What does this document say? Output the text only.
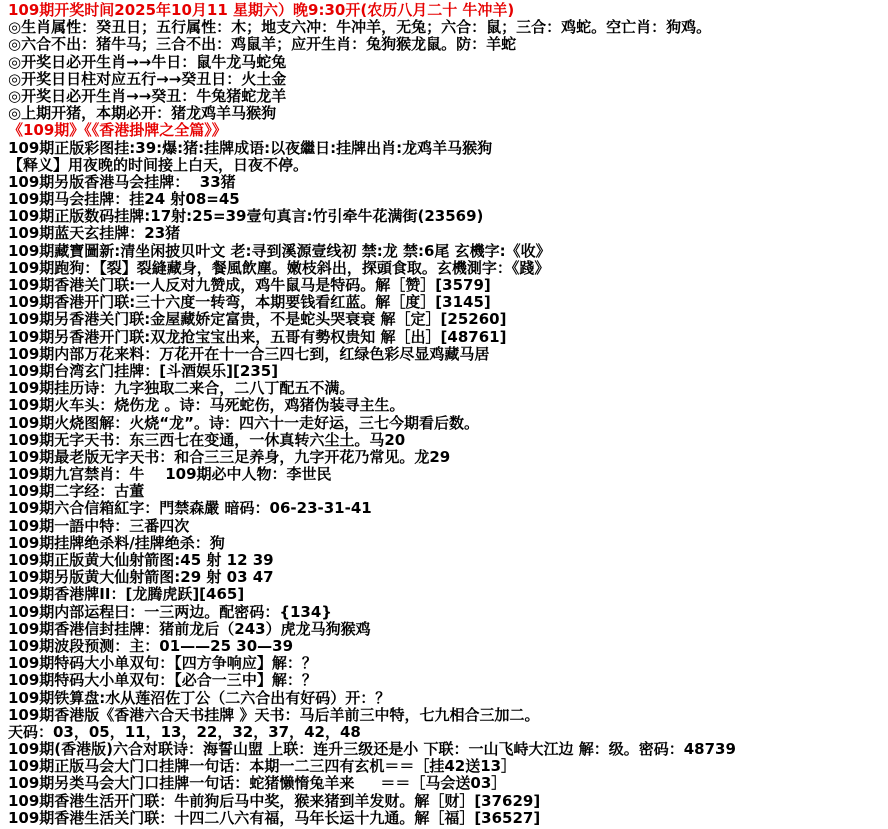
109期开奖时间2025年10月11 星期六）晚9:30开(农历八月二十 牛冲羊)
◎生肖属性：癸丑日；五行属性：木；地支六冲：牛冲羊，无兔；六合：鼠；三合：鸡蛇。空亡肖：狗鸡。
◎六合不出：猪牛马；三合不出：鸡鼠羊；应开生肖：兔狗猴龙鼠。防：羊蛇
◎开奖日必开生肖→→牛日：鼠牛龙马蛇兔
◎开奖日日柱对应五行→→癸丑日：火土金
◎开奖日必开生肖→→癸丑：牛兔猪蛇龙羊
◎上期开猪，本期必开：猪龙鸡羊马猴狗
《109期》《《香港掛牌之全篇》》
109期正版彩图挂:39:爆:猪:挂牌成语:以夜繼日:挂牌出肖:龙鸡羊马猴狗
【释义】用夜晚的时间接上白天，日夜不停。
109期另版香港马会挂牌：  33猪
109期马会挂牌：挂24 射08=45
109期正版数码挂牌:17射:25=39壹句真言:竹引牵牛花满街(23569)
109期蓝天玄挂牌：23猪
109期藏寶圖新:清坐闲披贝叶文 老:寻到溪源壹线初 禁:龙 禁:6尾 玄機字:《收》
109期跑狗：【裂】裂縫藏身，餐風飲塵。嫩枝斜出，探頭食取。玄機測字：《踐》
109期香港关门联:一人反对九赞成，鸡牛鼠马是特码。解［赞］[3579]
109期香港开门联:三十六度一转弯，本期要钱看红蓝。解［度］[3145]
109期另香港关门联:金屋藏娇定富贵，不是蛇头哭衰衰 解［定］[25260]
109期另香港开门联:双龙抢宝宝出来，五哥有勢权贵知 解［出］[48761]
109期内部万花来料：万花开在十一合三四七到，红绿色彩尽显鸡藏马居
109期台湾玄门挂牌：[斗酒娱乐][235]
109期挂历诗：九字独取二来合，二八丁配五不满。
109期火车头：烧伤龙 。诗：马死蛇伤，鸡猪伪装寻主生。
109期火烧图解：火烧“龙”。诗：四六十一走好运，三七今期看后数。
109期无字天书：东三西七在变通，一休真转六尘土。马20
109期最老版无字天书：和合三三足养身，九字开花乃常见。龙29
109期九宫禁肖：牛    109期必中人物：李世民
109期二字经：古董
109期六合信箱紅字：門禁森嚴 暗码：06-23-31-41
109期一語中特：三番四次
109期挂牌绝杀料/挂牌绝杀：狗
109期正版黄大仙射箭图:45 射 12 39
109期另版黄大仙射箭图:29 射 03 47
109期香港牌II：[龙腾虎跃][465]
109期内部运程曰：一三两边。配密码：{134}
109期香港信封挂牌：猪前龙后（243）虎龙马狗猴鸡
109期波段预测：主：01——25 30—39
109期特码大小单双句：【四方争响应】解：？
109期特码大小单双句：【必合一三中】解：？
109期铁算盘:水从莲沼佐丁公（二六合出有好码）开：？
109期香港版《香港六合天书挂牌 》天书：马后羊前三中特，七九相合三加二。
天码：03，05，11，13，22，32，37，42，48
109期(香港版)六合对联诗：海誓山盟 上联：连升三级还是小 下联：一山飞峙大江边 解：级。密码：48739
109期正版马会大门口挂牌一句话：本期一二三四有玄机＝＝［挂42送13］
109期另类马会大门口挂牌一句话：蛇猪懒惰兔羊来     ＝＝［马会送03］
109期香港生活开门联：牛前狗后马中奖，猴来猪到羊发财。解［财］[37629]
109期香港生活关门联：十四二八六有福，马年长运十九通。解［福］[36527]
